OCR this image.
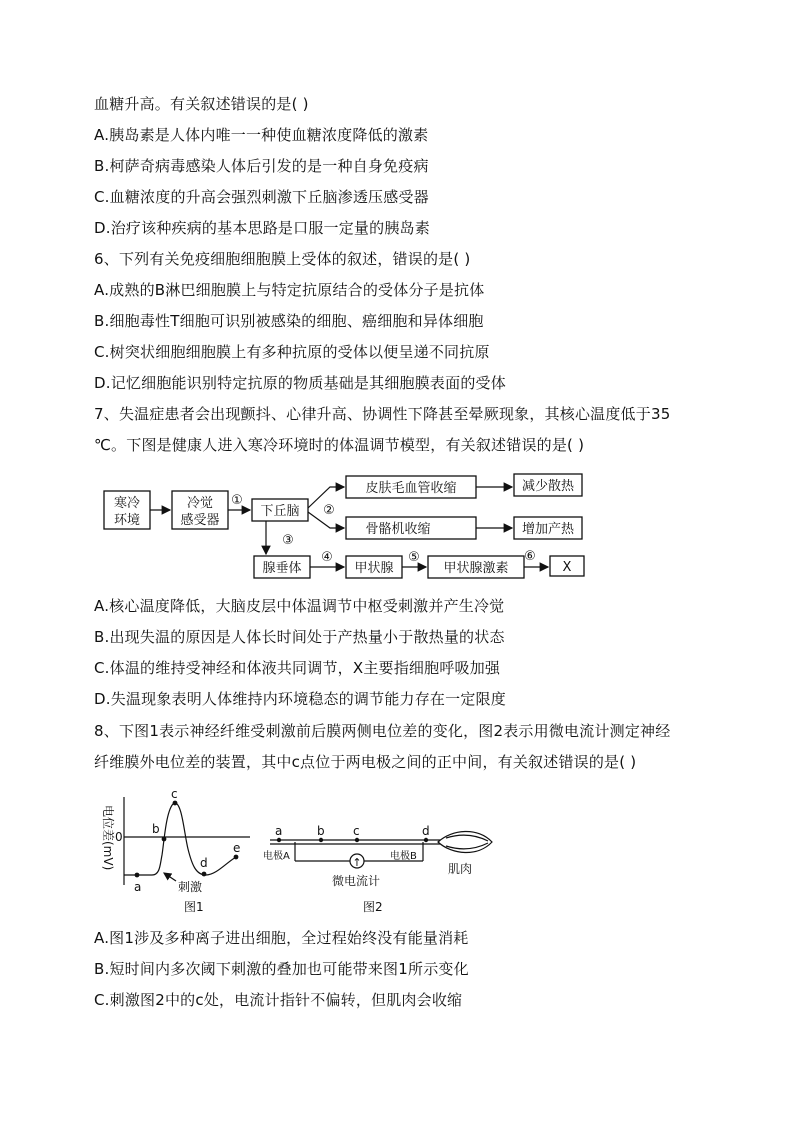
血糖升高。有关叙述错误的是( )
A.胰岛素是人体内唯一一种使血糖浓度降低的激素
B.柯萨奇病毒感染人体后引发的是一种自身免疫病
C.血糖浓度的升高会强烈刺激下丘脑渗透压感受器
D.治疗该种疾病的基本思路是口服一定量的胰岛素
6、下列有关免疫细胞细胞膜上受体的叙述，错误的是( )
A.成熟的B淋巴细胞膜上与特定抗原结合的受体分子是抗体
B.细胞毒性T细胞可识别被感染的细胞、癌细胞和异体细胞
C.树突状细胞细胞膜上有多种抗原的受体以便呈递不同抗原
D.记忆细胞能识别特定抗原的物质基础是其细胞膜表面的受体
7、失温症患者会出现颤抖、心律升高、协调性下降甚至晕厥现象，其核心温度低于35
℃。下图是健康人进入寒冷环境时的体温调节模型，有关叙述错误的是( )
寒冷
环境
冷觉
感受器
下丘脑
皮肤毛血管收缩	减少散热
骨骼机收缩	增加产热
腺垂体	甲状腺	甲状腺激素	X
①
②
③
④	⑤	⑥
A.核心温度降低，大脑皮层中体温调节中枢受刺激并产生冷觉
B.出现失温的原因是人体长时间处于产热量小于散热量的状态
C.体温的维持受神经和体液共同调节，X主要指细胞呼吸加强
D.失温现象表明人体维持内环境稳态的调节能力存在一定限度
8、下图1表示神经纤维受刺激前后膜两侧电位差的变化，图2表示用微电流计测定神经
纤维膜外电位差的装置，其中c点位于两电极之间的正中间，有关叙述错误的是( )
电位差(mV) 0
a
b
c
d
e
刺激
图1
a	b c	d
肌肉
电极A	电极B
↑
微电流计
图2
A.图1涉及多种离子进出细胞，全过程始终没有能量消耗
B.短时间内多次阈下刺激的叠加也可能带来图1所示变化
C.刺激图2中的c处，电流计指针不偏转，但肌肉会收缩
